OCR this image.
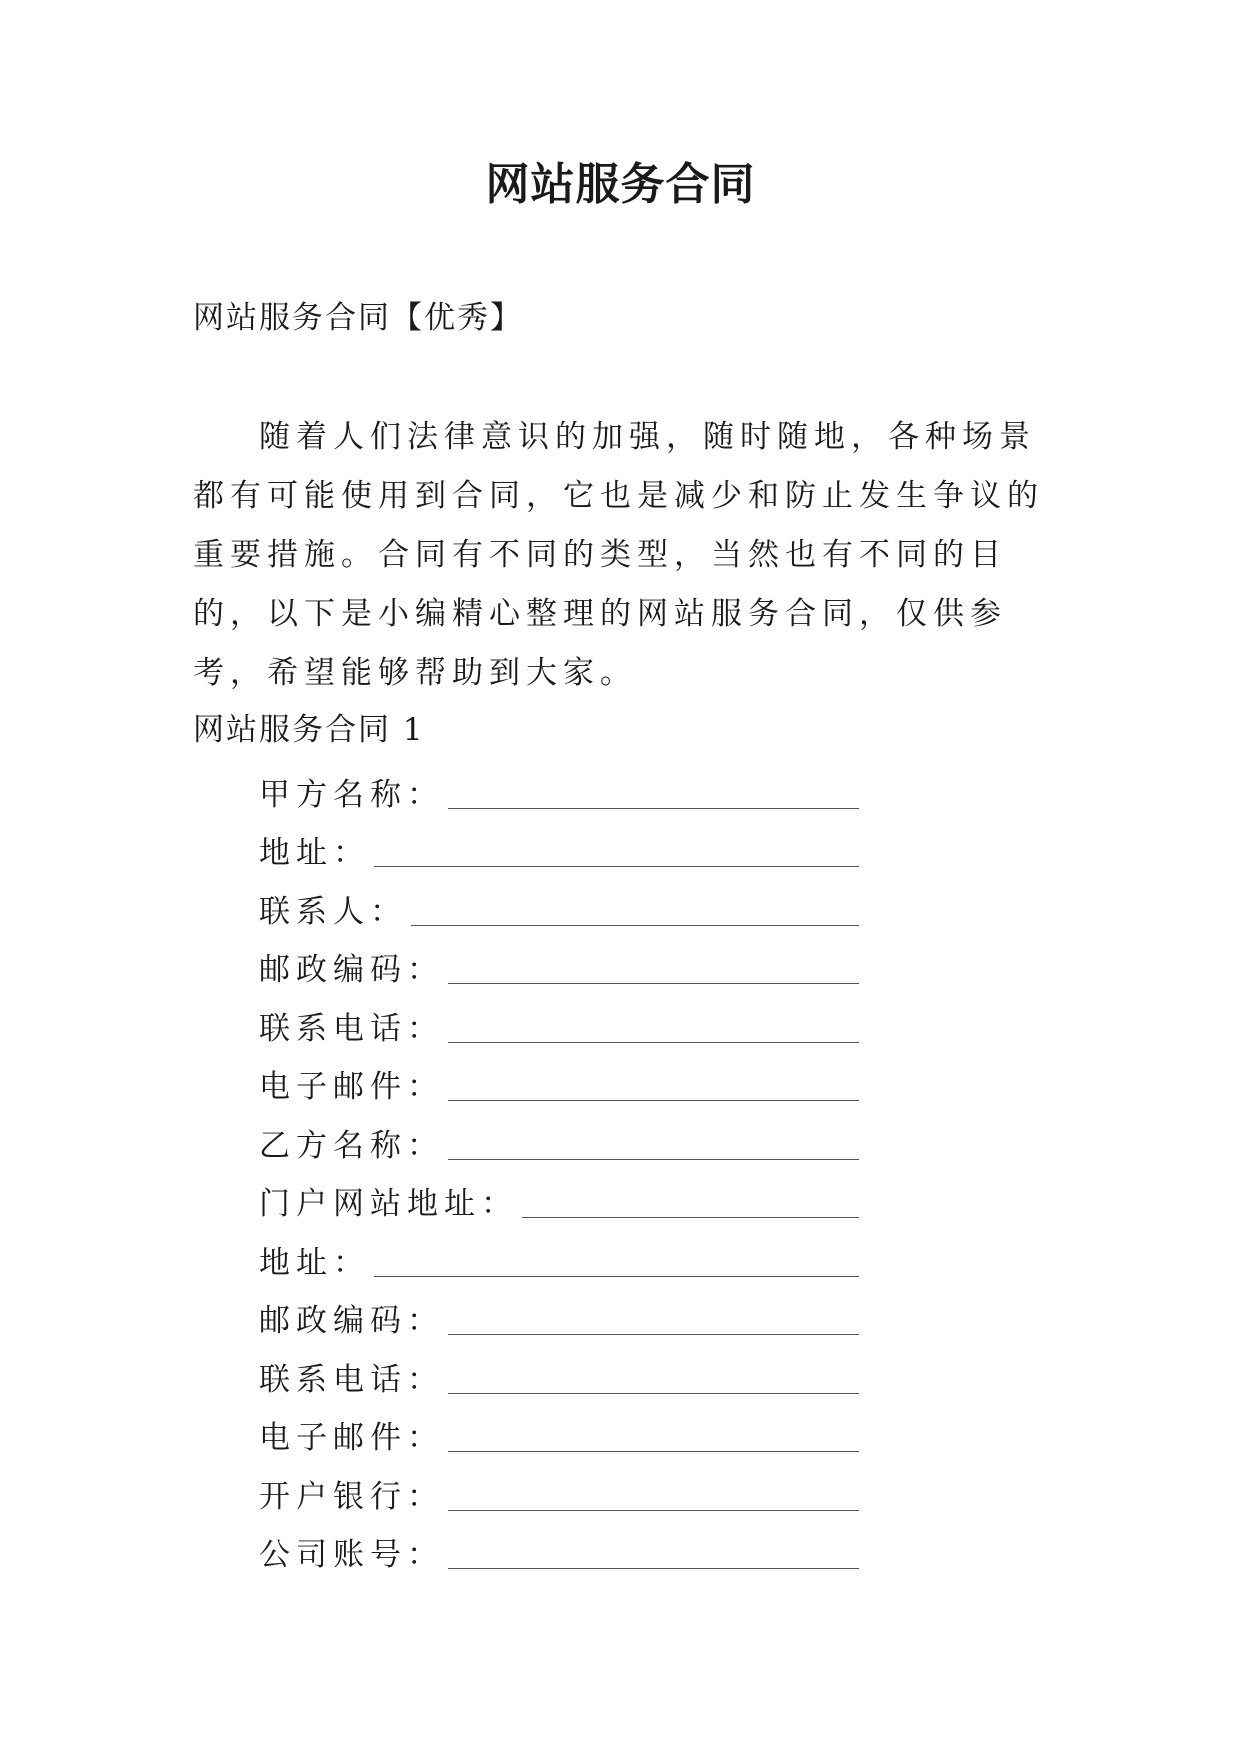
网站服务合同
网站服务合同【优秀】

随着人们法律意识的加强，随时随地，各种场景都有可能使用到合同，它也是减少和防止发生争议的重要措施。合同有不同的类型，当然也有不同的目的，以下是小编精心整理的网站服务合同，仅供参考，希望能够帮助到大家。

网站服务合同 1
甲方名称：
地址：
联系人：
邮政编码：
联系电话：
电子邮件：
乙方名称：
门户网站地址：
地址：
邮政编码：
联系电话：
电子邮件：
开户银行：
公司账号：
